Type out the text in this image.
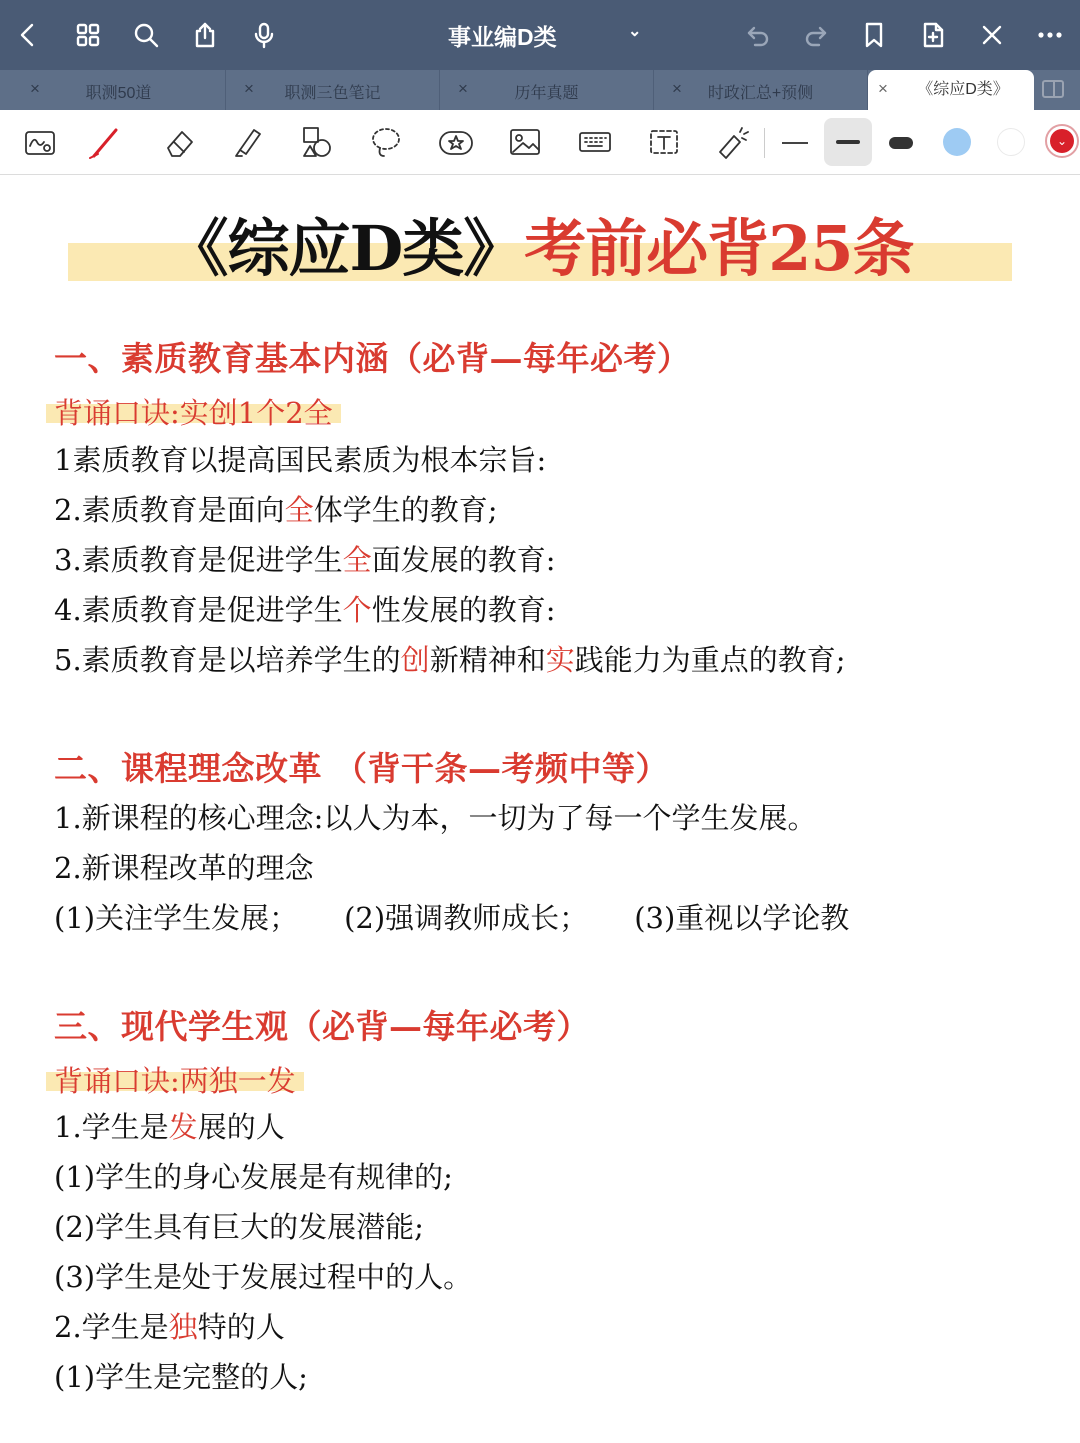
事业编D类	⌄
×	职测50道	×	职测三色笔记	×	历年真题	×	时政汇总+预侧	×	《综应D类》
⌄
《综应D类》考前必背25条
一、素质教育基本内涵（必背—每年必考）
背诵口诀:实创1个2全
1素质教育以提高国民素质为根本宗旨:
2.素质教育是面向全体学生的教育;
3.素质教育是促进学生全面发展的教育:
4.素质教育是促进学生个性发展的教育:
5.素质教育是以培养学生的创新精神和实践能力为重点的教育;
二、课程理念改革 （背干条—考频中等）
1.新课程的核心理念:以人为本，一切为了每一个学生发展。
2.新课程改革的理念
(1)关注学生发展； (2)强调教师成长； (3)重视以学论教
三、现代学生观（必背—每年必考）
背诵口诀:两独一发
1.学生是发展的人
(1)学生的身心发展是有规律的;
(2)学生具有巨大的发展潜能;
(3)学生是处于发展过程中的人。
2.学生是独特的人
(1)学生是完整的人;
